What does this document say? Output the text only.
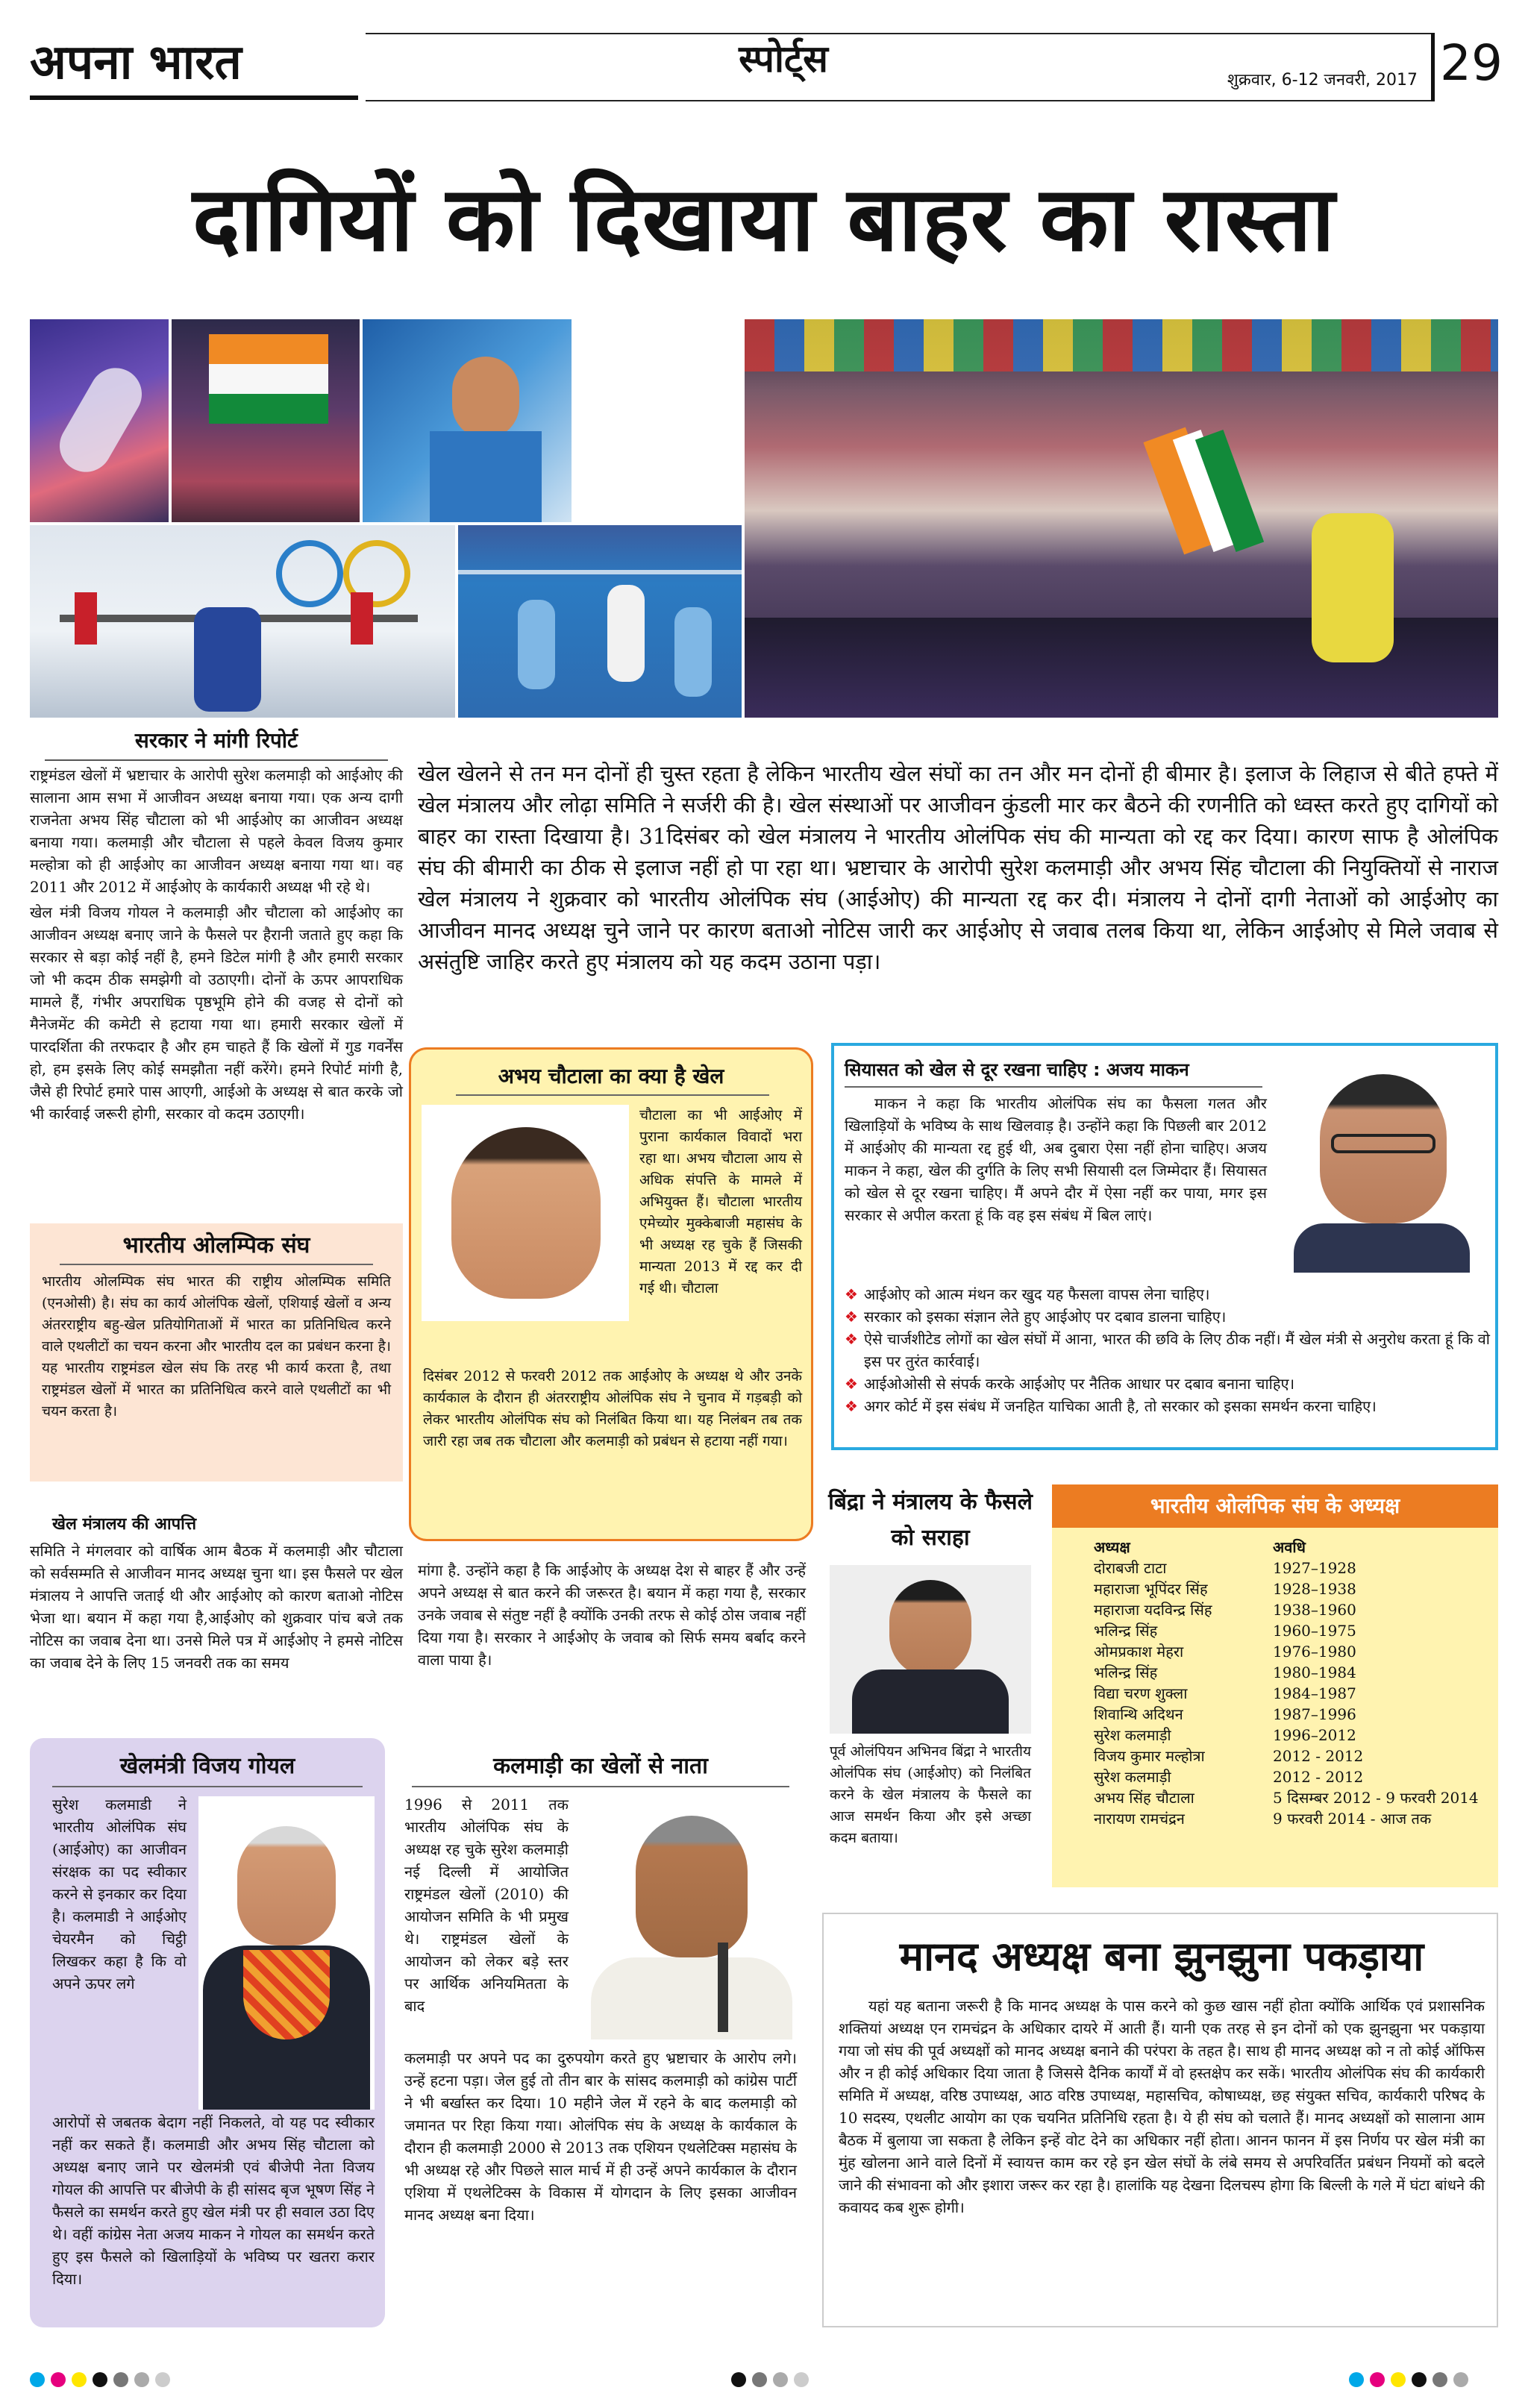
अपना भारत	स्पोर्ट्स	शुक्रवार, 6-12 जनवरी, 2017 29
दागियों को दिखाया बाहर का रास्ता
सरकार ने मांगी रिपोर्ट

राष्ट्रमंडल खेलों में भ्रष्टाचार के आरोपी सुरेश कलमाड़ी को आईओए की सालाना आम सभा में आजीवन अध्यक्ष बनाया गया। एक अन्य दागी राजनेता अभय सिंह चौटाला को भी आईओए का आजीवन अध्यक्ष बनाया गया। कलमाड़ी और चौटाला से पहले केवल विजय कुमार मल्होत्रा को ही आईओए का आजीवन अध्यक्ष बनाया गया था। वह 2011 और 2012 में आईओए के कार्यकारी अध्यक्ष भी रहे थे।

खेल मंत्री विजय गोयल ने कलमाड़ी और चौटाला को आईओए का आजीवन अध्यक्ष बनाए जाने के फैसले पर हैरानी जताते हुए कहा कि सरकार से बड़ा कोई नहीं है, हमने डिटेल मांगी है और हमारी सरकार जो भी कदम ठीक समझेगी वो उठाएगी। दोनों के ऊपर आपराधिक मामले हैं, गंभीर अपराधिक पृष्ठभूमि होने की वजह से दोनों को मैनेजमेंट की कमेटी से हटाया गया था। हमारी सरकार खेलों में पारदर्शिता की तरफदार है और हम चाहते हैं कि खेलों में गुड गवर्नेंस हो, हम इसके लिए कोई समझौता नहीं करेंगे। हमने रिपोर्ट मांगी है, जैसे ही रिपोर्ट हमारे पास आएगी, आईओ के अध्यक्ष से बात करके जो भी कार्रवाई जरूरी होगी, सरकार वो कदम उठाएगी।

भारतीय ओलम्पिक संघ
भारतीय ओलम्पिक संघ भारत की राष्ट्रीय ओलम्पिक समिति (एनओसी) है। संघ का कार्य ओलंपिक खेलों, एशियाई खेलों व अन्य अंतरराष्ट्रीय बहु-खेल प्रतियोगिताओं में भारत का प्रतिनिधित्व करने वाले एथलीटों का चयन करना और भारतीय दल का प्रबंधन करना है। यह भारतीय राष्ट्रमंडल खेल संघ कि तरह भी कार्य करता है, तथा राष्ट्रमंडल खेलों में भारत का प्रतिनिधित्व करने वाले एथलीटों का भी चयन करता है।
खेल मंत्रालय की आपत्ति
समिति ने मंगलवार को वार्षिक आम बैठक में कलमाड़ी और चौटाला को सर्वसम्मति से आजीवन मानद अध्यक्ष चुना था। इस फैसले पर खेल मंत्रालय ने आपत्ति जताई थी और आईओए को कारण बताओ नोटिस भेजा था। बयान में कहा गया है,आईओए को शुक्रवार पांच बजे तक नोटिस का जवाब देना था। उनसे मिले पत्र में आईओए ने हमसे नोटिस का जवाब देने के लिए 15 जनवरी तक का समय
खेल खेलने से तन मन दोनों ही चुस्त रहता है लेकिन भारतीय खेल संघों का तन और मन दोनों ही बीमार है। इलाज के लिहाज से बीते हफ्ते में खेल मंत्रालय और लोढ़ा समिति ने सर्जरी की है। खेल संस्थाओं पर आजीवन कुंडली मार कर बैठने की रणनीति को ध्वस्त करते हुए दागियों को बाहर का रास्ता दिखाया है। 31दिसंबर को खेल मंत्रालय ने भारतीय ओलंपिक संघ की मान्यता को रद्द कर दिया। कारण साफ है ओलंपिक संघ की बीमारी का ठीक से इलाज नहीं हो पा रहा था। भ्रष्टाचार के आरोपी सुरेश कलमाड़ी और अभय सिंह चौटाला की नियुक्तियों से नाराज खेल मंत्रालय ने शुक्रवार को भारतीय ओलंपिक संघ (आईओए) की मान्यता रद्द कर दी। मंत्रालय ने दोनों दागी नेताओं को आईओए का आजीवन मानद अध्यक्ष चुने जाने पर कारण बताओ नोटिस जारी कर आईओए से जवाब तलब किया था, लेकिन आईओए से मिले जवाब से असंतुष्टि जाहिर करते हुए मंत्रालय को यह कदम उठाना पड़ा।
अभय चौटाला का क्या है खेल
चौटाला का भी आईओए में पुराना कार्यकाल विवादों भरा रहा था। अभय चौटाला आय से अधिक संपत्ति के मामले में अभियुक्त हैं। चौटाला भारतीय एमेच्योर मुक्केबाजी महासंघ के भी अध्यक्ष रह चुके हैं जिसकी मान्यता 2013 में रद्द कर दी गई थी। चौटाला
दिसंबर 2012 से फरवरी 2012 तक आईओए के अध्यक्ष थे और उनके कार्यकाल के दौरान ही अंतरराष्ट्रीय ओलंपिक संघ ने चुनाव में गड़बड़ी को लेकर भारतीय ओलंपिक संघ को निलंबित किया था। यह निलंबन तब तक जारी रहा जब तक चौटाला और कलमाड़ी को प्रबंधन से हटाया नहीं गया।
मांगा है. उन्होंने कहा है कि आईओए के अध्यक्ष देश से बाहर हैं और उन्हें अपने अध्यक्ष से बात करने की जरूरत है। बयान में कहा गया है, सरकार उनके जवाब से संतुष्ट नहीं है क्योंकि उनकी तरफ से कोई ठोस जवाब नहीं दिया गया है। सरकार ने आईओए के जवाब को सिर्फ समय बर्बाद करने वाला पाया है।
सियासत को खेल से दूर रखना चाहिए : अजय माकन
माकन ने कहा कि भारतीय ओलंपिक संघ का फैसला गलत और खिलाड़ियों के भविष्य के साथ खिलवाड़ है। उन्होंने कहा कि पिछली बार 2012 में आईओए की मान्यता रद्द हुई थी, अब दुबारा ऐसा नहीं होना चाहिए। अजय माकन ने कहा, खेल की दुर्गति के लिए सभी सियासी दल जिम्मेदार हैं। सियासत को खेल से दूर रखना चाहिए। मैं अपने दौर में ऐसा नहीं कर पाया, मगर इस सरकार से अपील करता हूं कि वह इस संबंध में बिल लाएं।
❖ आईओए को आत्म मंथन कर खुद यह फैसला वापस लेना चाहिए।
❖ सरकार को इसका संज्ञान लेते हुए आईओए पर दबाव डालना चाहिए।
❖ ऐसे चार्जशीटेड लोगों का खेल संघों में आना, भारत की छवि के लिए ठीक नहीं। मैं खेल मंत्री से अनुरोध करता हूं कि वो इस पर तुरंत कार्रवाई।
❖ आईओओसी से संपर्क करके आईओए पर नैतिक आधार पर दबाव बनाना चाहिए।
❖ अगर कोर्ट में इस संबंध में जनहित याचिका आती है, तो सरकार को इसका समर्थन करना चाहिए।
बिंद्रा ने मंत्रालय के फैसले को सराहा
पूर्व ओलंपियन अभिनव बिंद्रा ने भारतीय ओलंपिक संघ (आईओए) को निलंबित करने के खेल मंत्रालय के फैसले का आज समर्थन किया और इसे अच्छा कदम बताया।
भारतीय ओलंपिक संघ के अध्यक्ष
अध्यक्ष	अवधि
दोराबजी टाटा	1927–1928
महाराजा भूपिंदर सिंह	1928–1938
महाराजा यदविन्द्र सिंह	1938–1960
भलिन्द्र सिंह	1960–1975
ओमप्रकाश मेहरा	1976–1980
भलिन्द्र सिंह	1980–1984
विद्या चरण शुक्ला	1984–1987
शिवान्थि अदिथन	1987–1996
सुरेश कलमाड़ी	1996–2012
विजय कुमार मल्होत्रा	2012 - 2012
सुरेश कलमाड़ी	2012 - 2012
अभय सिंह चौटाला	5 दिसम्बर 2012 - 9 फरवरी 2014
नारायण रामचंद्रन	9 फरवरी 2014 - आज तक
खेलमंत्री विजय गोयल
सुरेश कलमाडी ने भारतीय ओलंपिक संघ (आईओए) का आजीवन संरक्षक का पद स्वीकार करने से इनकार कर दिया है। कलमाडी ने आईओए चेयरमैन को चिट्ठी लिखकर कहा है कि वो अपने ऊपर लगे
आरोपों से जबतक बेदाग नहीं निकलते, वो यह पद स्वीकार नहीं कर सकते हैं। कलमाडी और अभय सिंह चौटाला को अध्यक्ष बनाए जाने पर खेलमंत्री एवं बीजेपी नेता विजय गोयल की आपत्ति पर बीजेपी के ही सांसद बृज भूषण सिंह ने फैसले का समर्थन करते हुए खेल मंत्री पर ही सवाल उठा दिए थे। वहीं कांग्रेस नेता अजय माकन ने गोयल का समर्थन करते हुए इस फैसले को खिलाड़ियों के भविष्य पर खतरा करार दिया।
कलमाड़ी का खेलों से नाता
1996 से 2011 तक भारतीय ओलंपिक संघ के अध्यक्ष रह चुके सुरेश कलमाड़ी नई दिल्ली में आयोजित राष्ट्रमंडल खेलों (2010) की आयोजन समिति के भी प्रमुख थे। राष्ट्रमंडल खेलों के आयोजन को लेकर बड़े स्तर पर आर्थिक अनियमितता के बाद
कलमाड़ी पर अपने पद का दुरुपयोग करते हुए भ्रष्टाचार के आरोप लगे। उन्हें हटना पड़ा। जेल हुई तो तीन बार के सांसद कलमाड़ी को कांग्रेस पार्टी ने भी बर्खास्त कर दिया। 10 महीने जेल में रहने के बाद कलमाड़ी को जमानत पर रिहा किया गया। ओलंपिक संघ के अध्यक्ष के कार्यकाल के दौरान ही कलमाड़ी 2000 से 2013 तक एशियन एथलेटिक्स महासंघ के भी अध्यक्ष रहे और पिछले साल मार्च में ही उन्हें अपने कार्यकाल के दौरान एशिया में एथलेटिक्स के विकास में योगदान के लिए इसका आजीवन मानद अध्यक्ष बना दिया।
मानद अध्यक्ष बना झुनझुना पकड़ाया
यहां यह बताना जरूरी है कि मानद अध्यक्ष के पास करने को कुछ खास नहीं होता क्योंकि आर्थिक एवं प्रशासनिक शक्तियां अध्यक्ष एन रामचंद्रन के अधिकार दायरे में आती हैं। यानी एक तरह से इन दोनों को एक झुनझुना भर पकड़ाया गया जो संघ की पूर्व अध्यक्षों को मानद अध्यक्ष बनाने की परंपरा के तहत है। साथ ही मानद अध्यक्ष को न तो कोई ऑफिस और न ही कोई अधिकार दिया जाता है जिससे दैनिक कार्यों में वो हस्तक्षेप कर सकें। भारतीय ओलंपिक संघ की कार्यकारी समिति में अध्यक्ष, वरिष्ठ उपाध्यक्ष, आठ वरिष्ठ उपाध्यक्ष, महासचिव, कोषाध्यक्ष, छह संयुक्त सचिव, कार्यकारी परिषद के 10 सदस्य, एथलीट आयोग का एक चयनित प्रतिनिधि रहता है। ये ही संघ को चलाते हैं। मानद अध्यक्षों को सालाना आम बैठक में बुलाया जा सकता है लेकिन इन्हें वोट देने का अधिकार नहीं होता। आनन फानन में इस निर्णय पर खेल मंत्री का मुंह खोलना आने वाले दिनों में स्वायत्त काम कर रहे इन खेल संघों के लंबे समय से अपरिवर्तित प्रबंधन नियमों को बदले जाने की संभावना को और इशारा जरूर कर रहा है। हालांकि यह देखना दिलचस्प होगा कि बिल्ली के गले में घंटा बांधने की कवायद कब शुरू होगी।
